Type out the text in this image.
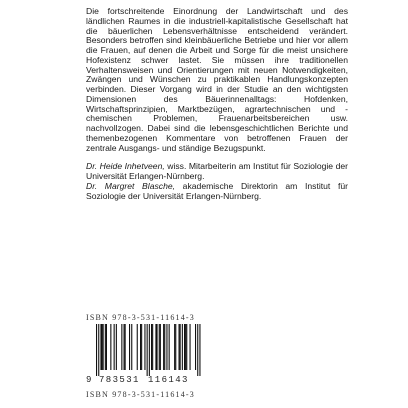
Die fortschreitende Einordnung der Landwirtschaft und des ländlichen Raumes in die industriell-kapitalistische Gesellschaft hat die bäuerlichen Lebensverhältnisse entscheidend verändert. Besonders betroffen sind kleinbäuerliche Betriebe und hier vor allem die Frauen, auf denen die Arbeit und Sorge für die meist unsichere Hofexistenz schwer lastet. Sie müssen ihre traditionellen Verhaltensweisen und Orientierungen mit neuen Notwendigkeiten, Zwängen und Wünschen zu praktikablen Handlungskonzepten verbinden. Dieser Vorgang wird in der Studie an den wichtigsten Dimensionen des Bäuerinnenalltags: Hofdenken, Wirtschaftsprinzipien, Marktbezügen, agrartechnischen und -chemischen Problemen, Frauenarbeitsbereichen usw. nachvollzogen. Dabei sind die lebensgeschichtlichen Berichte und themenbezogenen Kommentare von betroffenen Frauen der zentrale Ausgangs- und ständige Bezugspunkt.

Dr. Heide Inhetveen, wiss. Mitarbeiterin am Institut für Soziologie der Universität Erlangen-Nürnberg.

Dr. Margret Blasche, akademische Direktorin am Institut für Soziologie der Universität Erlangen-Nürnberg.

ISBN 978-3-531-11614-3
9 783531 116143
ISBN 978-3-531-11614-3
